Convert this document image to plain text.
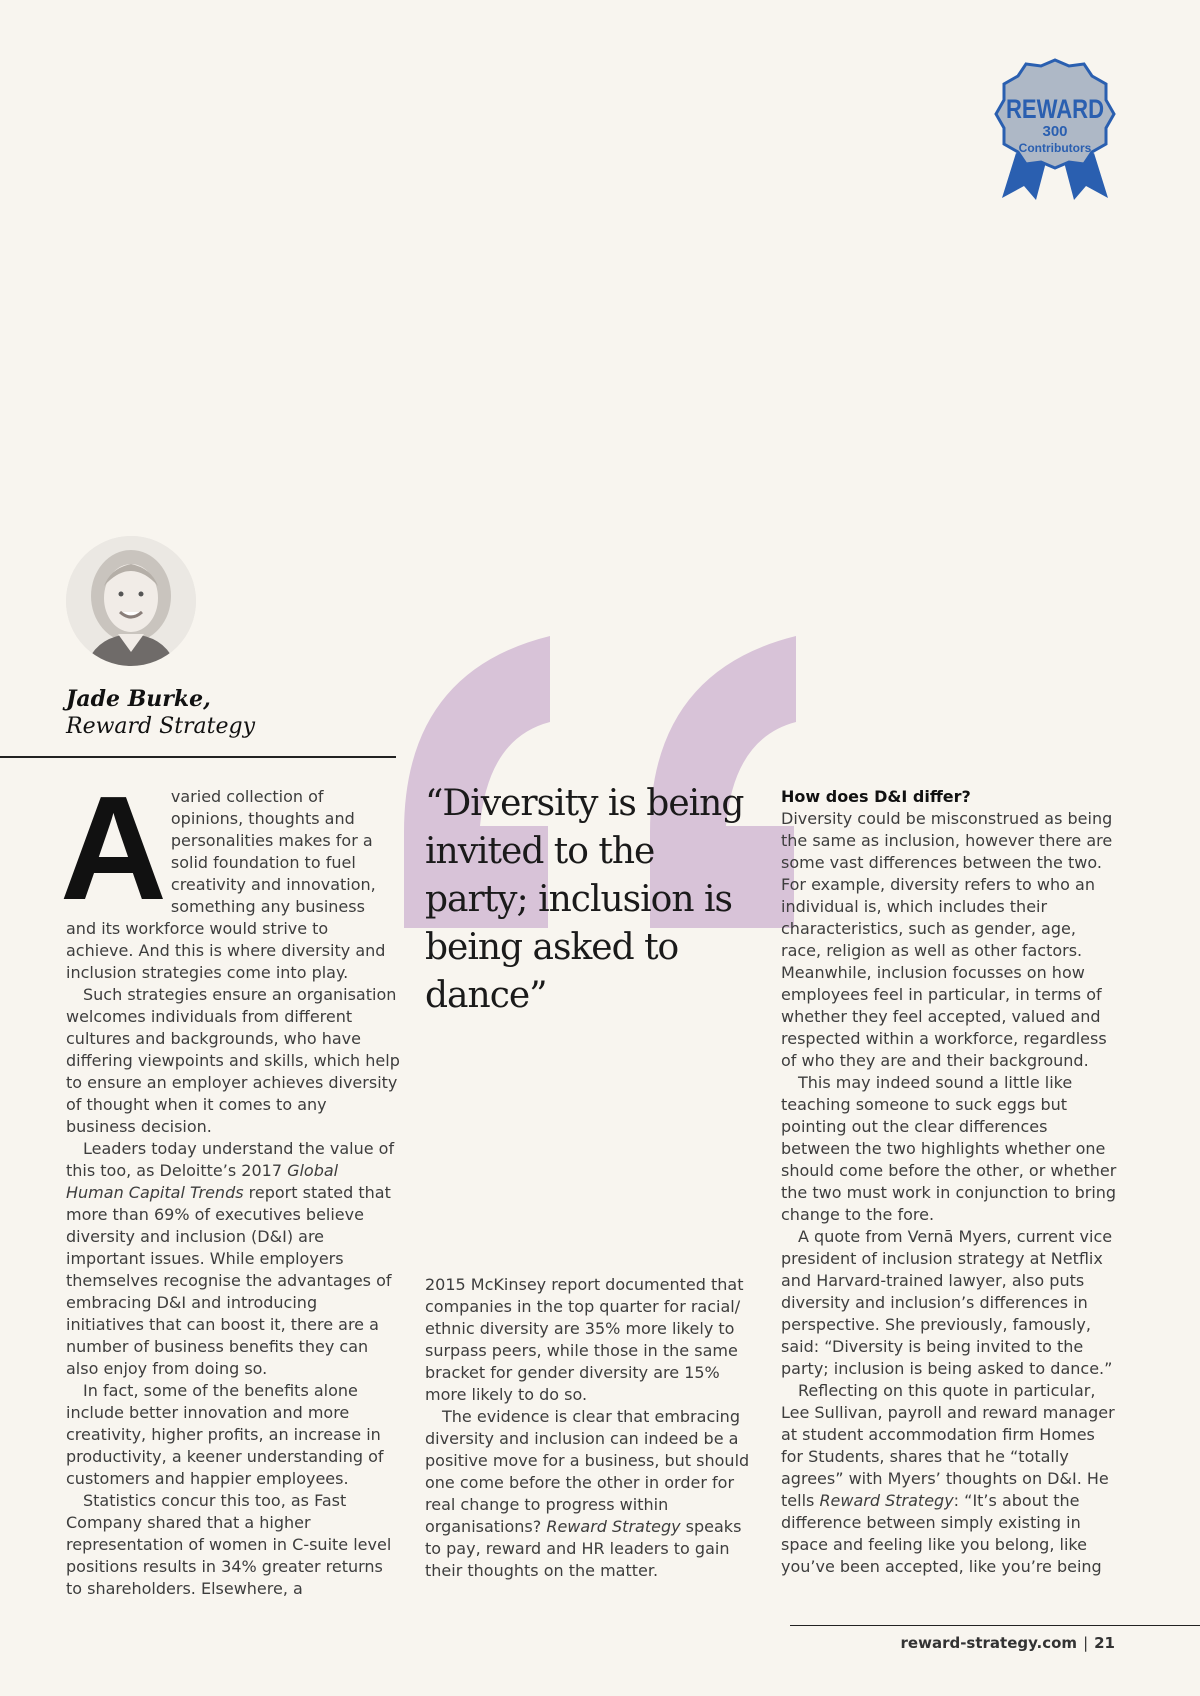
REWARD
300
Contributors
Jade Burke,
Reward Strategy

“Diversity is being invited to the party; inclusion is being asked to dance”

Avaried collection of opinions, thoughts and personalities makes for a solid foundation to fuel creativity and innovation, something any business and its workforce would strive to achieve. And this is where diversity and inclusion strategies come into play.

Such strategies ensure an organisation welcomes individuals from different cultures and backgrounds, who have differing viewpoints and skills, which help to ensure an employer achieves diversity of thought when it comes to any business decision.

Leaders today understand the value of this too, as Deloitte’s 2017 Global Human Capital Trends report stated that more than 69% of executives believe diversity and inclusion (D&I) are important issues. While employers themselves recognise the advantages of embracing D&I and introducing initiatives that can boost it, there are a number of business benefits they can also enjoy from doing so.

In fact, some of the benefits alone include better innovation and more creativity, higher profits, an increase in productivity, a keener understanding of customers and happier employees.

Statistics concur this too, as Fast Company shared that a higher representation of women in C-suite level positions results in 34% greater returns to shareholders. Elsewhere, a

2015 McKinsey report documented that companies in the top quarter for racial/ ethnic diversity are 35% more likely to surpass peers, while those in the same bracket for gender diversity are 15% more likely to do so.

The evidence is clear that embracing diversity and inclusion can indeed be a positive move for a business, but should one come before the other in order for real change to progress within organisations? Reward Strategy speaks to pay, reward and HR leaders to gain their thoughts on the matter.

How does D&I differ?

Diversity could be misconstrued as being the same as inclusion, however there are some vast differences between the two. For example, diversity refers to who an individual is, which includes their characteristics, such as gender, age, race, religion as well as other factors. Meanwhile, inclusion focusses on how employees feel in particular, in terms of whether they feel accepted, valued and respected within a workforce, regardless of who they are and their background.

This may indeed sound a little like teaching someone to suck eggs but pointing out the clear differences between the two highlights whether one should come before the other, or whether the two must work in conjunction to bring change to the fore.

A quote from Vernā Myers, current vice president of inclusion strategy at Netflix and Harvard-trained lawyer, also puts diversity and inclusion’s differences in perspective. She previously, famously, said: “Diversity is being invited to the party; inclusion is being asked to dance.”

Reflecting on this quote in particular, Lee Sullivan, payroll and reward manager at student accommodation firm Homes for Students, shares that he “totally agrees” with Myers’ thoughts on D&I. He tells Reward Strategy: “It’s about the difference between simply existing in space and feeling like you belong, like you’ve been accepted, like you’re being

reward-strategy.com | 21
